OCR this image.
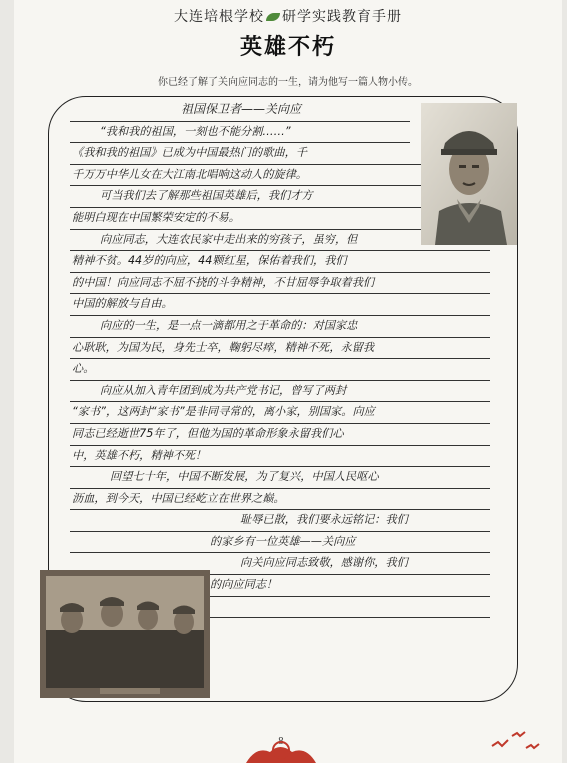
大连培根学校 研学实践教育手册
英雄不朽
你已经了解了关向应同志的一生，请为他写一篇人物小传。
8
祖国保卫者——关向应
“我和我的祖国，一刻也不能分割……”
《我和我的祖国》已成为中国最热门的歌曲，千
千万万中华儿女在大江南北唱响这动人的旋律。
可当我们去了解那些祖国英雄后，我们才方
能明白现在中国繁荣安定的不易。
向应同志，大连农民家中走出来的穷孩子，虽穷，但
精神不贫。44岁的向应，44颗红星，保佑着我们，我们
的中国！向应同志不屈不挠的斗争精神，不甘屈辱争取着我们
中国的解放与自由。
向应的一生，是一点一滴都用之于革命的：对国家忠
心耿耿，为国为民，身先士卒，鞠躬尽瘁，精神不死，永留我
心。
向应从加入青年团到成为共产党书记，曾写了两封
“家书”，这两封“家书”是非同寻常的，离小家，别国家。向应
同志已经逝世75年了，但他为国的革命形象永留我们心
中，英雄不朽，精神不死！
回望七十年，中国不断发展，为了复兴，中国人民呕心
沥血，到今天，中国已经屹立在世界之巅。
耻辱已散，我们要永远铭记：我们
的家乡有一位英雄——关向应
向关向应同志致敬，感谢你，我们
的向应同志！
